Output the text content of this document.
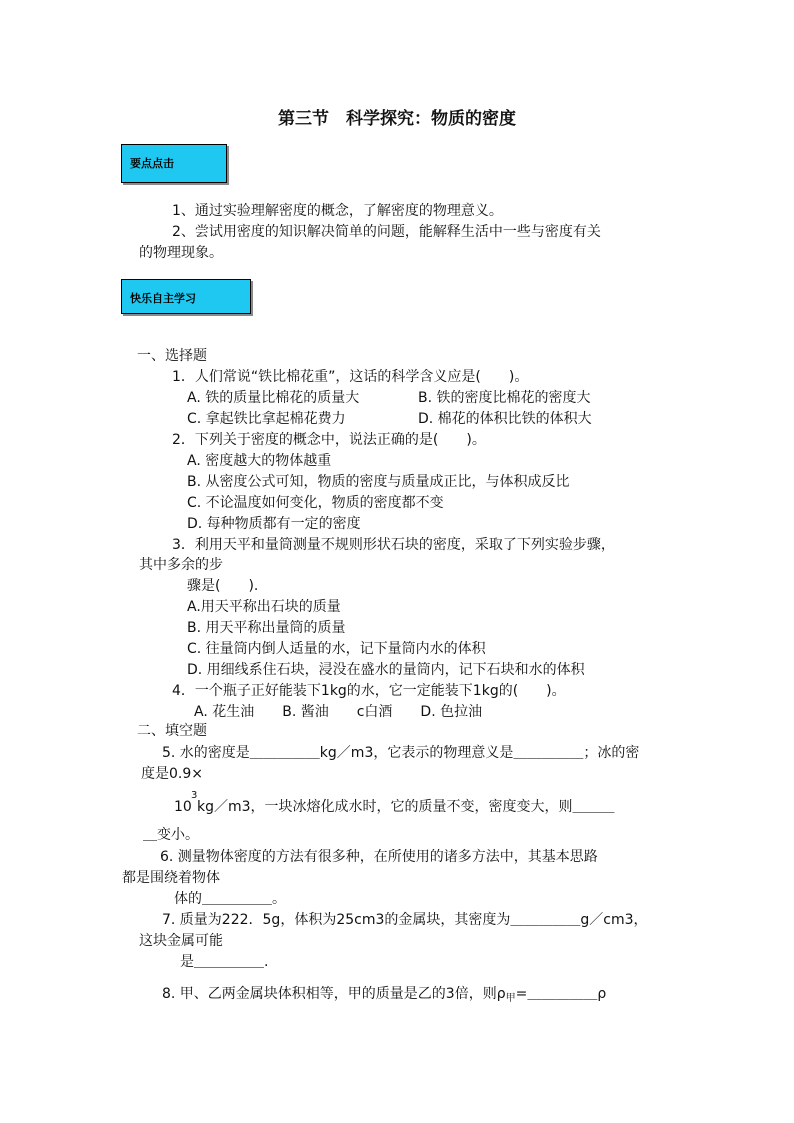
第三节　科学探究：物质的密度
要点点击
1、通过实验理解密度的概念，了解密度的物理意义。
2、尝试用密度的知识解决简单的问题，能解释生活中一些与密度有关
的物理现象。
快乐自主学习
一、选择题
1．人们常说“铁比棉花重”，这话的科学含义应是(　　)。
A. 铁的质量比棉花的质量大	B. 铁的密度比棉花的密度大
C. 拿起铁比拿起棉花费力	D. 棉花的体积比铁的体积大
2．下列关于密度的概念中，说法正确的是(　　)。
A. 密度越大的物体越重
B. 从密度公式可知，物质的密度与质量成正比，与体积成反比
C. 不论温度如何变化，物质的密度都不变
D. 每种物质都有一定的密度
3．利用天平和量筒测量不规则形状石块的密度，采取了下列实验步骤，
其中多余的步
骤是(　　).
A.用天平称出石块的质量
B. 用天平称出量筒的质量
C. 往量筒内倒人适量的水，记下量筒内水的体积
D. 用细线系住石块，浸没在盛水的量筒内，记下石块和水的体积
4．一个瓶子正好能装下1kg的水，它一定能装下1kg的(　　)。
A. 花生油　　B. 酱油　　c白酒　　D. 色拉油
二、填空题
5. 水的密度是＿＿＿＿＿kg／m3，它表示的物理意义是＿＿＿＿＿；冰的密
度是0.9×
10
3
kg／m3，一块冰熔化成水时，它的质量不变，密度变大，则＿＿＿
＿变小。
6. 测量物体密度的方法有很多种，在所使用的诸多方法中，其基本思路
都是围绕着物体
体的＿＿＿＿＿。
7. 质量为222．5g，体积为25cm3的金属块，其密度为＿＿＿＿＿g／cm3，
这块金属可能
是＿＿＿＿＿.
8. 甲、乙两金属块体积相等，甲的质量是乙的3倍，则$\rho_甲=\_\_\_\_\_\rho$
